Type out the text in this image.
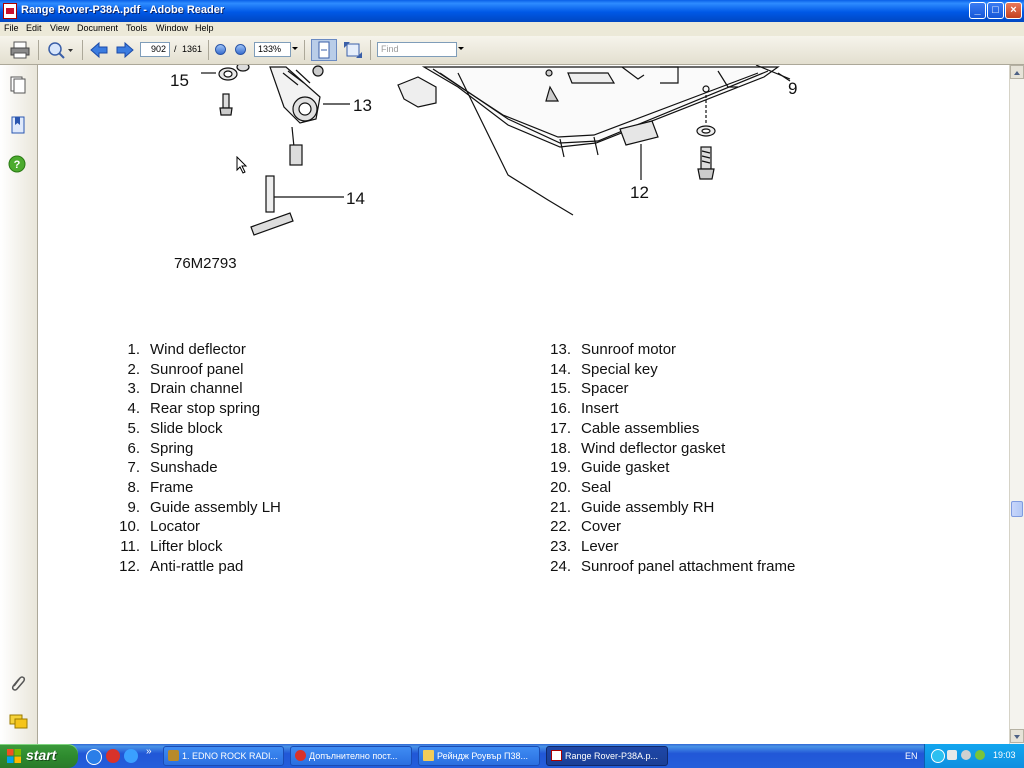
Range Rover-P38A.pdf - Adobe Reader	_	□	×
File Edit View Document Tools Window Help
902 / 1361	133%	Find
?
15
13
14
9
12
76M2793
1. Wind deflector
2. Sunroof panel
3. Drain channel
4. Rear stop spring
5. Slide block
6. Spring
7. Sunshade
8. Frame
9. Guide assembly LH
10. Locator
11. Lifter block
12. Anti-rattle pad
13. Sunroof motor
14. Special key
15. Spacer
16. Insert
17. Cable assemblies
18. Wind deflector gasket
19. Guide gasket
20. Seal
21. Guide assembly RH
22. Cover
23. Lever
24. Sunroof panel attachment frame
start	»	1. EDNO ROCK RADI...	Допълнително пост...	Рейндж Роувър П38...	Range Rover-P38A.p...	EN	19:03
